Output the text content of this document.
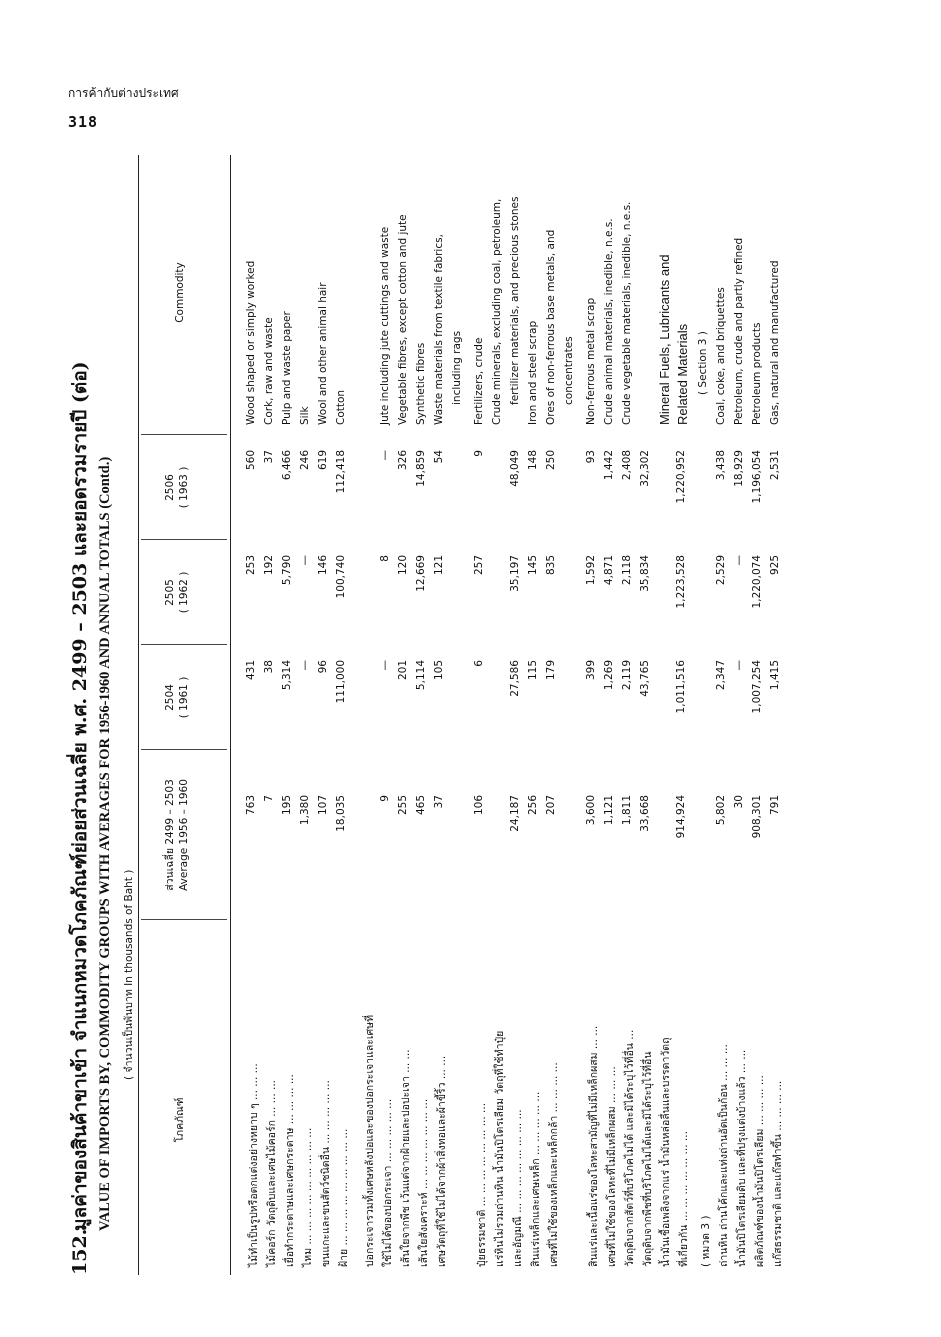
การค้ากับต่างประเทศ
318
152.มูลค่าของสินค้าขาเข้า จำแนกหมวดโภคภัณฑ์ย่อยส่วนเฉลี่ย พ.ศ. 2499 – 2503 และยอดรวมรายปี (ต่อ) VALUE OF IMPORTS BY, COMMODITY GROUPS WITH AVERAGES FOR 1956-1960 AND ANNUAL TOTALS (Contd.) ( จำนวนเป็นพันบาท In thousands of Baht )
โภคภัณฑ์
ส่วนเฉลี่ย 2499 – 2503 Average 1956 – 1960
2504 ( 1961 )
2505 ( 1962 )
2506 ( 1963 )
Commodity
ไม้ทำเป็นรูปหรือตกแต่งอย่างหยาบ ๆ ... ... ...
763
431
253
560
Wood shaped or simply worked
ไม้คอร์ก วัตถุดิบและเศษไม้คอร์ก ... ... ...
7
38
192
37
Cork, raw and waste
เยื่อทำกระดาษและเศษกระดาษ ... ... ... ...
195
5,314
5,790
6,466
Pulp and waste paper
ไหม ... ... ... ... ... ... ... ... ...
1,380
—
—
246
Silk
ขนแกะและขนสัตว์ชนิดอื่น ... ... ... ... ...
107
96
146
619
Wool and other animal hair
ฝ้าย ... ... ... ... ... ... ... ... ...
18,035
111,000
100,740
112,418
Cotton
ปอกระเจารวมทั้งเศษหลังปอและของปอกระเจาและเศษที่ ใช้ไม่ได้ของปอกระเจา ... ... ... ... ...
9
—
8
—
Jute including jute cuttings and waste
เส้นใยจากพืช เว้นแต่จากฝ้ายและปอปะเจา ... ...
255
201
120
326
Vegetable fibres, except cotton and jute
เส้นใยสังเคราะห์ ... ... ... ... ... ... ...
465
5,114
12,669
14,859
Synthetic fibres
เศษวัตถุที่ใช้ไม่ได้จากผ้าสิ่งทอและผ้าขี้ริ้ว ... ...
37
105
121
54
Waste materials from textile fabrics, including rags
ปุ๋ยธรรมชาติ ... ... ... ... ... ... ... ...
106
6
257
9
Fertilizers, crude
แร่หินไม่รวมถ่านหิน น้ำมันปิโตรเลียม วัตถุที่ใช้ทำปุ๋ย
Crude minerals, excluding coal, petroleum,
และอัญมณี ... ... ... ... ... ... ... ...
24,187
27,586
35,197
48,049
fertilizer materials, and precious stones
สินแร่เหล็กและเศษเหล็ก ... ... ... ... ...
256
115
145
148
Iron and steel scrap
เศษที่ไม่ใช้ของเหล็กและเหล็กกล้า ... ... ... ...
207
179
835
250
Ores of non-ferrous base metals, and concentrates
สินแร่และเนื้อแร่ของโลหะสามัญที่ไม่มีเหล็กผสม ... ...
3,600
399
1,592
93
Non-ferrous metal scrap
เศษที่ไม่ใช้ของโลหะที่ไม่มีเหล็กผสม ... ... ...
1,121
1,269
4,871
1,442
Crude animal materials, inedible, n.e.s.
วัตถุดิบจากสัตว์ที่บริโภคไม่ได้ และมิได้ระบุไว้ที่อื่น ...
1,811
2,119
2,118
2,408
Crude vegetable materials, inedible, n.e.s.
วัตถุดิบจากพืชที่บริโภคไม่ได้และมิได้ระบุไว้ที่อื่น
33,668
43,765
35,834
32,302
น้ำมันเชื้อเพลิงจากแร่ น้ำมันหล่อลื่นและบรรดาวัตถุ
Mineral Fuels, Lubricants and
ที่เกี่ยวกัน ... ... ... ... ... ... ...
914,924
1,011,516
1,223,528
1,220,952
Related Materials
( หมวด 3 )
( Section 3 )
ถ่านหิน ถ่านโค้กและแท่งถ่านอัดเป็นก้อน ... ... ...
5,802
2,347
2,529
3,438
Coal, coke, and briquettes
น้ำมันปิโตรเลียมดิบ และที่ปรุงแต่งบ้างแล้ว ... ...
30
—
—
18,929
Petroleum, crude and partly refined
ผลิตภัณฑ์ของน้ำมันปิโตรเลียม ... ... ... ...
908,301
1,007,254
1,220,074
1,196,054
Petroleum products
แก๊สธรรมชาติ และแก๊สทำขึ้น ... ... ... ...
791
1,415
925
2,531
Gas, natural and manufactured
